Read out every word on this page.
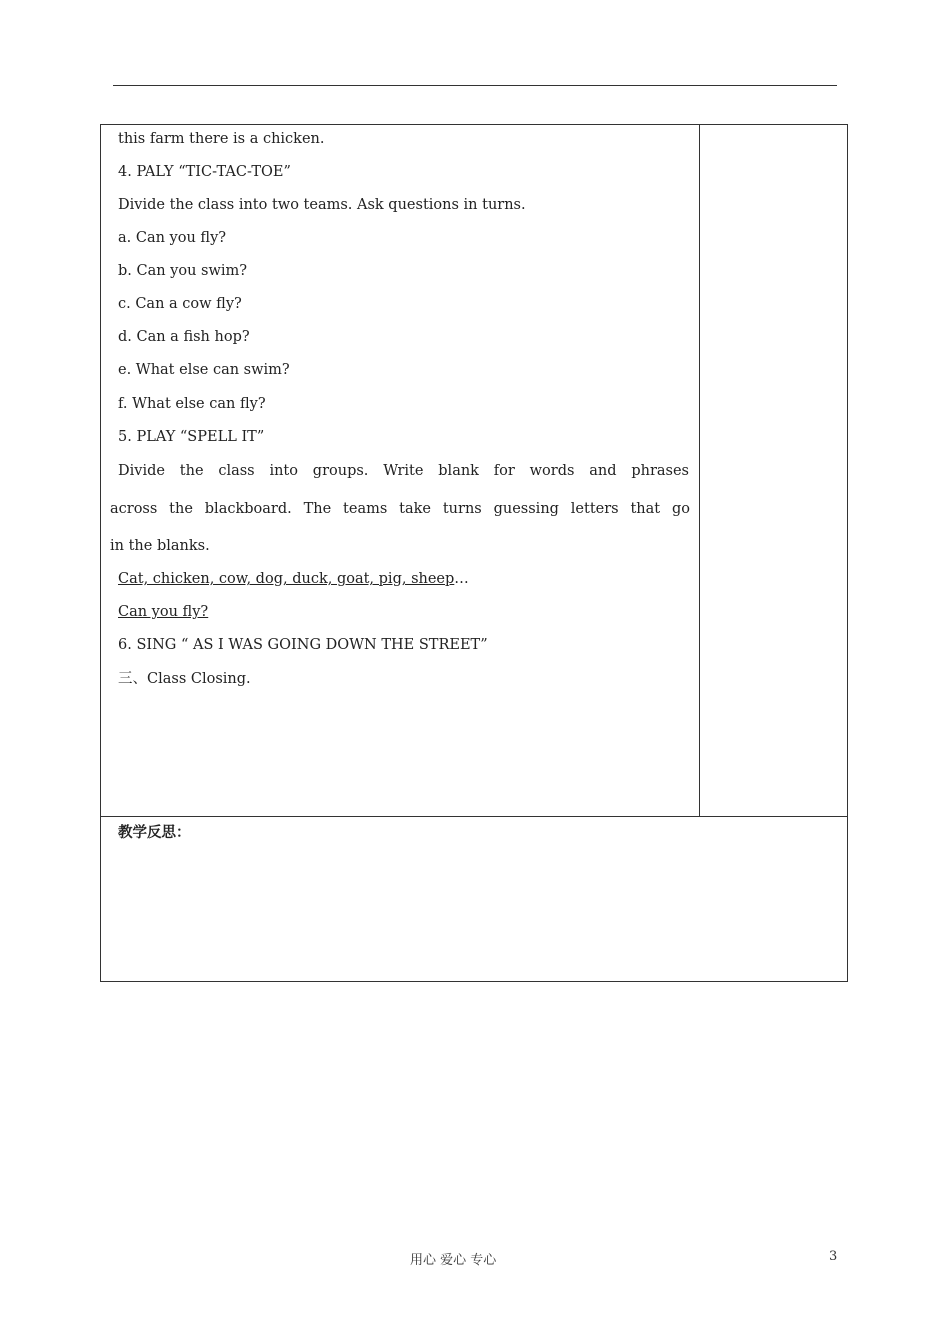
this farm there is a chicken.
4. PALY “TIC-TAC-TOE”
Divide the class into two teams. Ask questions in turns.
a. Can you fly?
b. Can you swim?
c. Can a cow fly?
d. Can a fish hop?
e. What else can swim?
f. What else can fly?
5. PLAY “SPELL IT”
Divide the class into groups. Write blank for words and phrases
across the blackboard. The teams take turns guessing letters that go
in the blanks.
Cat, chicken, cow, dog, duck, goat, pig, sheep…
Can you fly?
6. SING “ AS I WAS GOING DOWN THE STREET”
三、Class Closing.
教学反思：
用心 爱心 专心	3
